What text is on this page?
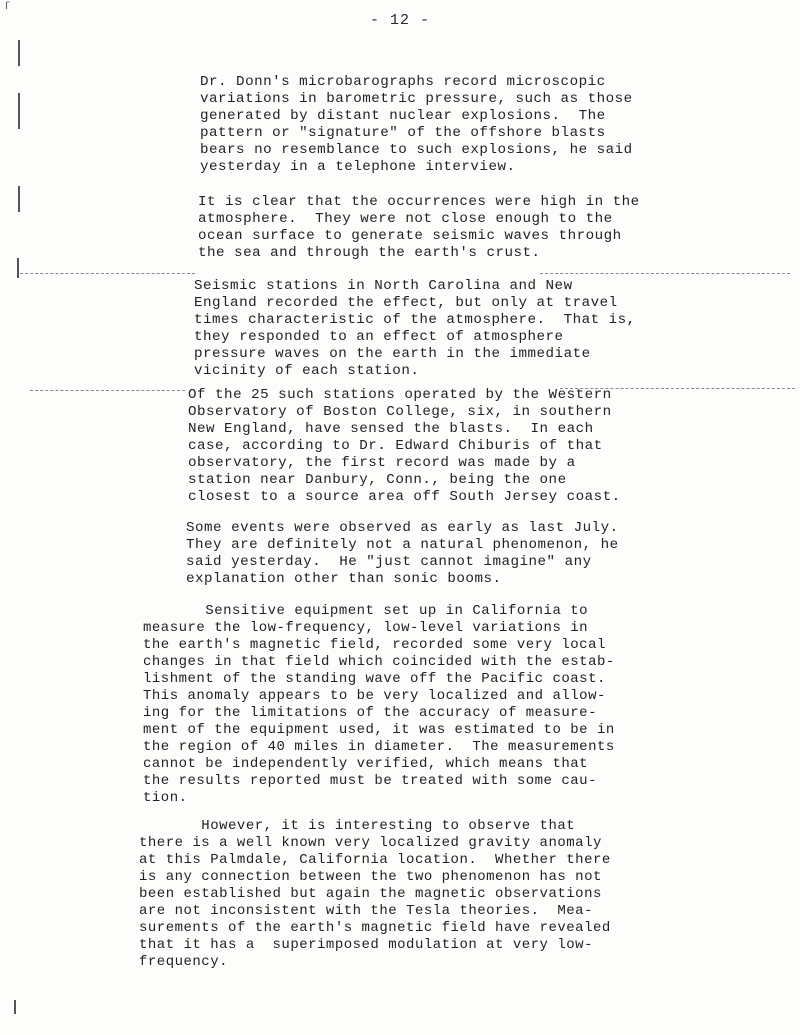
ſ
- 12 -

Dr. Donn's microbarographs record microscopic
variations in barometric pressure, such as those
generated by distant nuclear explosions.  The
pattern or "signature" of the offshore blasts
bears no resemblance to such explosions, he said
yesterday in a telephone interview.

It is clear that the occurrences were high in the
atmosphere.  They were not close enough to the
ocean surface to generate seismic waves through
the sea and through the earth's crust.

Seismic stations in North Carolina and New
England recorded the effect, but only at travel
times characteristic of the atmosphere.  That is,
they responded to an effect of atmosphere
pressure waves on the earth in the immediate
vicinity of each station.

Of the 25 such stations operated by the Western
Observatory of Boston College, six, in southern
New England, have sensed the blasts.  In each
case, according to Dr. Edward Chiburis of that
observatory, the first record was made by a
station near Danbury, Conn., being the one
closest to a source area off South Jersey coast.

Some events were observed as early as last July.
They are definitely not a natural phenomenon, he
said yesterday.  He "just cannot imagine" any
explanation other than sonic booms.

Sensitive equipment set up in California to
measure the low-frequency, low-level variations in
the earth's magnetic field, recorded some very local
changes in that field which coincided with the estab-
lishment of the standing wave off the Pacific coast.
This anomaly appears to be very localized and allow-
ing for the limitations of the accuracy of measure-
ment of the equipment used, it was estimated to be in
the region of 40 miles in diameter.  The measurements
cannot be independently verified, which means that
the results reported must be treated with some cau-
tion.

However, it is interesting to observe that
there is a well known very localized gravity anomaly
at this Palmdale, California location.  Whether there
is any connection between the two phenomenon has not
been established but again the magnetic observations
are not inconsistent with the Tesla theories.  Mea-
surements of the earth's magnetic field have revealed
that it has a  superimposed modulation at very low-
frequency.
